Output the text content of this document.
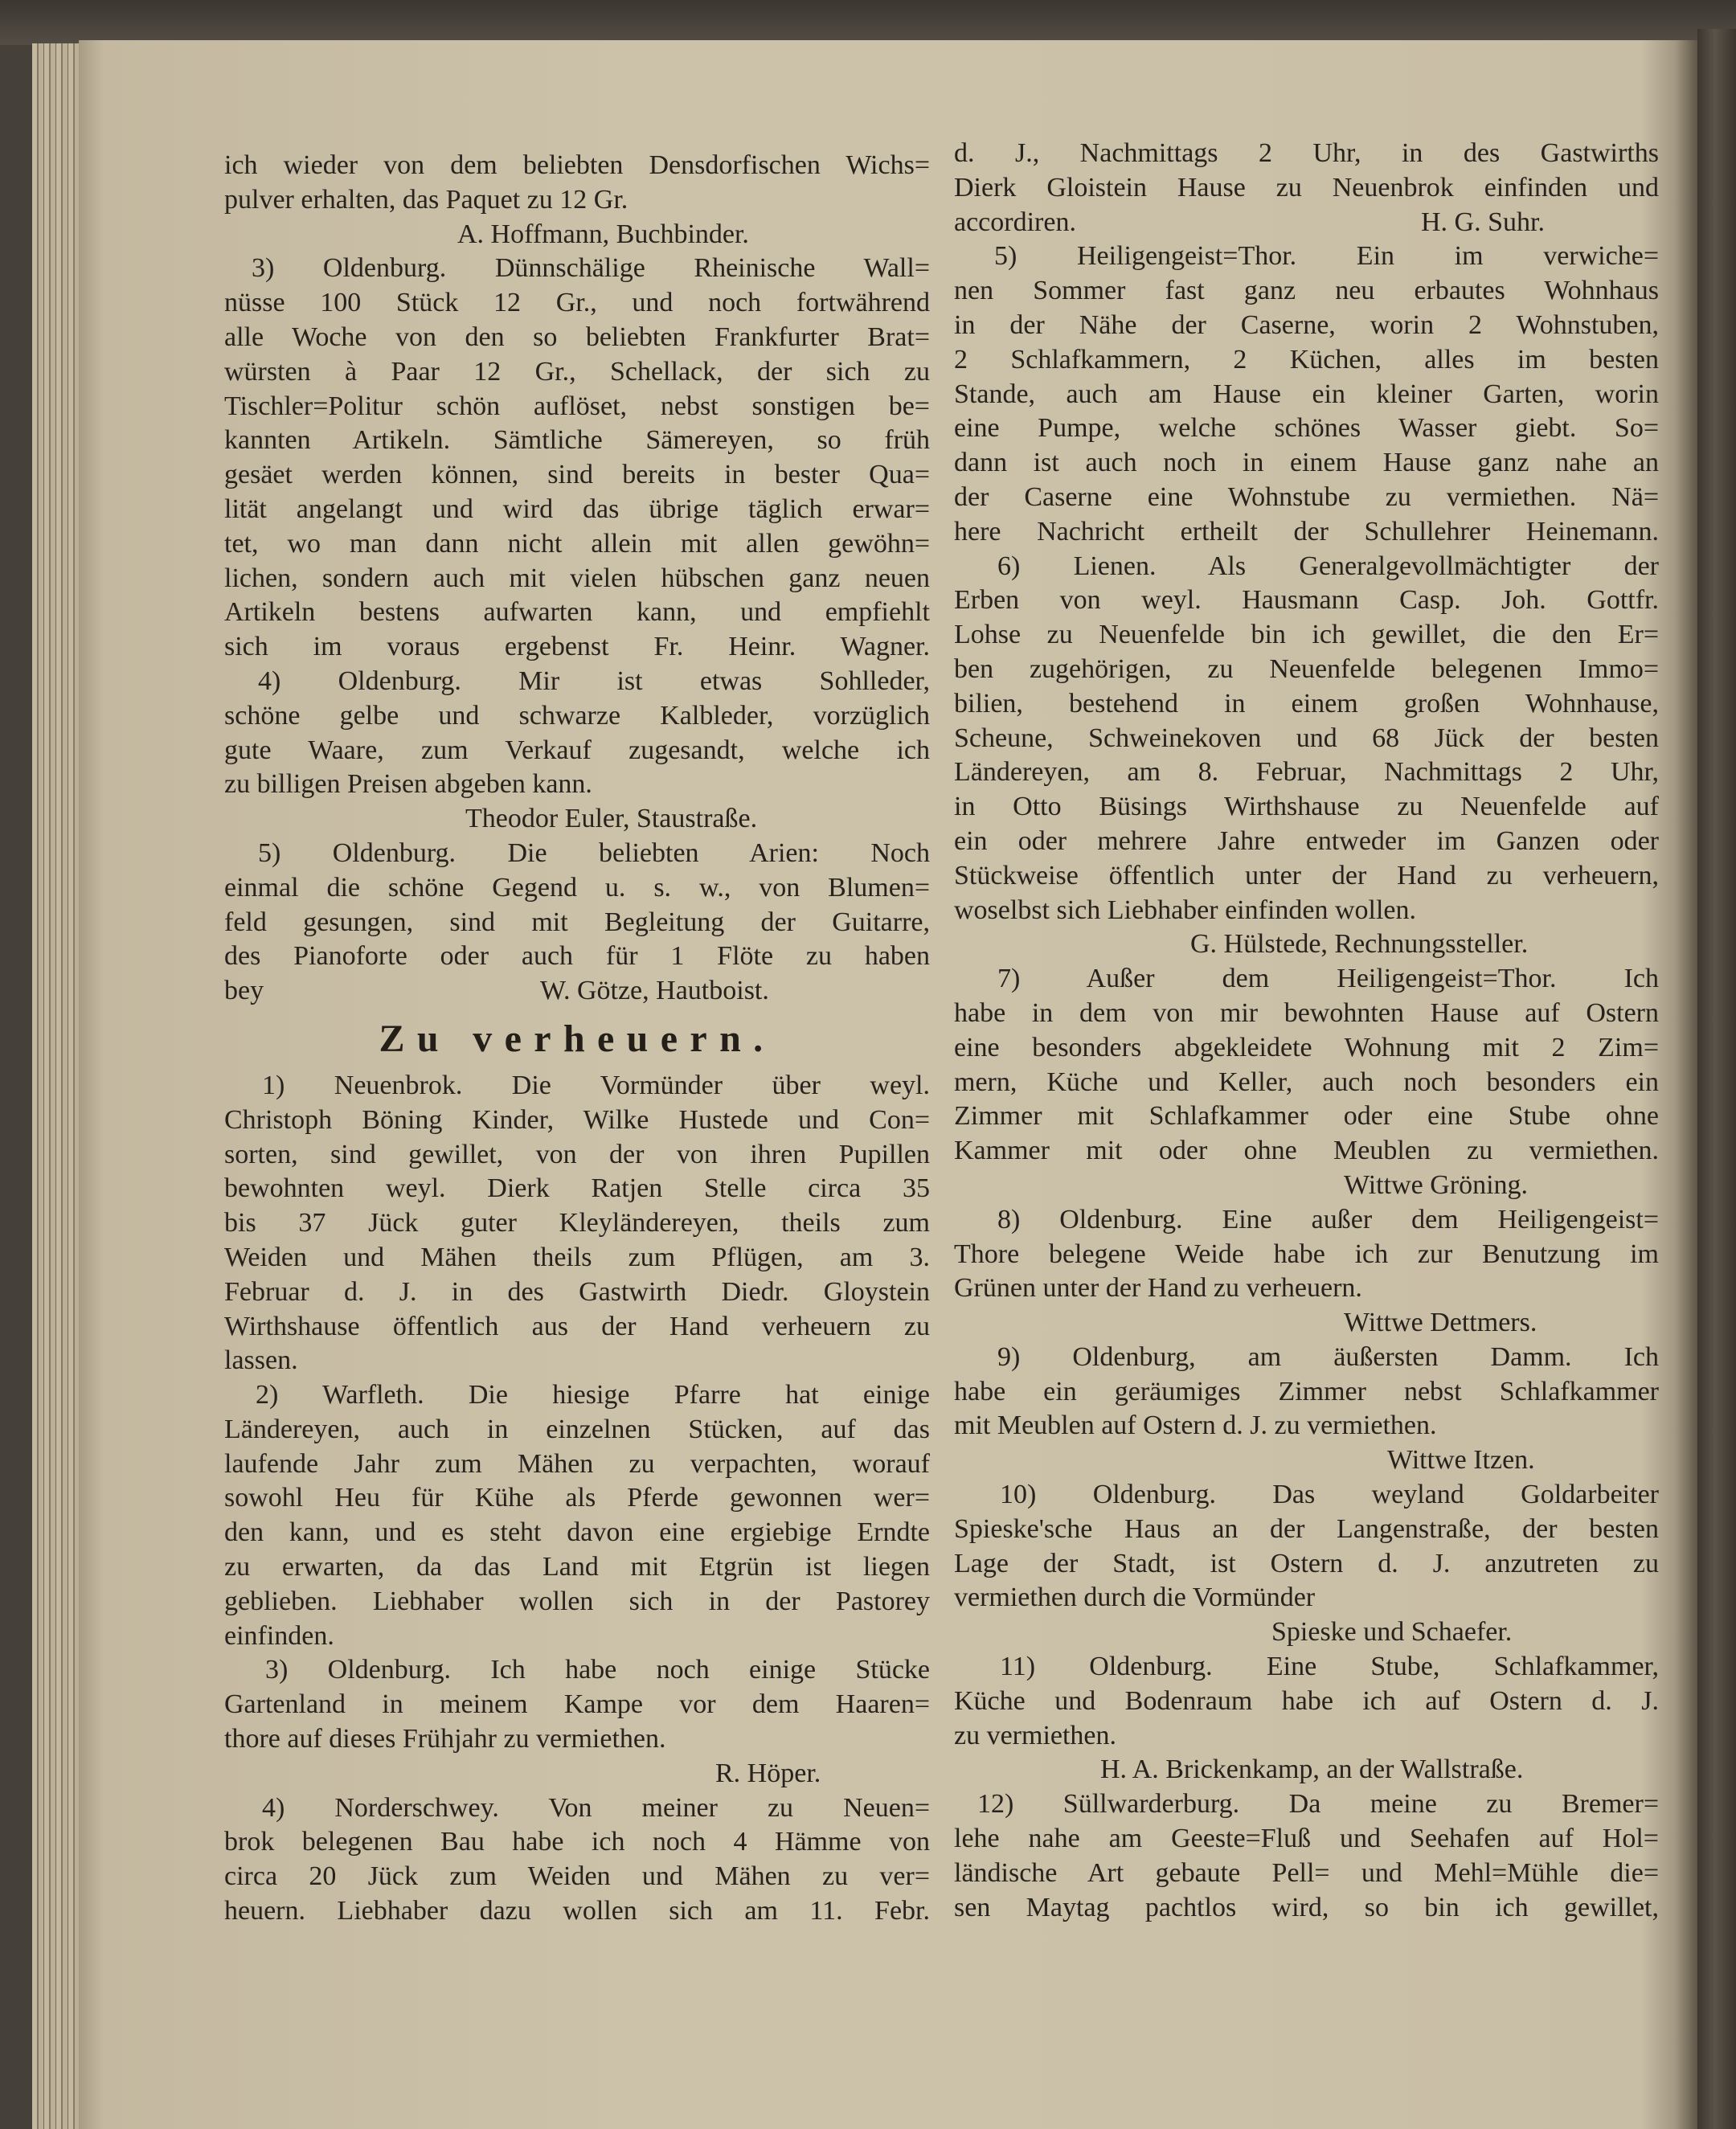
ich wieder von dem beliebten Densdorfischen Wichs=
pulver erhalten, das Paquet zu 12 Gr.
A. Hoffmann, Buchbinder.
3) Oldenburg. Dünnschälige Rheinische Wall=
nüsse 100 Stück 12 Gr., und noch fortwährend
alle Woche von den so beliebten Frankfurter Brat=
würsten à Paar 12 Gr., Schellack, der sich zu
Tischler=Politur schön auflöset, nebst sonstigen be=
kannten Artikeln. Sämtliche Sämereyen, so früh
gesäet werden können, sind bereits in bester Qua=
lität angelangt und wird das übrige täglich erwar=
tet, wo man dann nicht allein mit allen gewöhn=
lichen, sondern auch mit vielen hübschen ganz neuen
Artikeln bestens aufwarten kann, und empfiehlt
sich im voraus ergebenst Fr. Heinr. Wagner.
4) Oldenburg. Mir ist etwas Sohlleder,
schöne gelbe und schwarze Kalbleder, vorzüglich
gute Waare, zum Verkauf zugesandt, welche ich
zu billigen Preisen abgeben kann.
Theodor Euler, Staustraße.
5) Oldenburg. Die beliebten Arien: Noch
einmal die schöne Gegend u. s. w., von Blumen=
feld gesungen, sind mit Begleitung der Guitarre,
des Pianoforte oder auch für 1 Flöte zu haben
bey	W. Götze, Hautboist.
Zu verheuern.
1) Neuenbrok. Die Vormünder über weyl.
Christoph Böning Kinder, Wilke Hustede und Con=
sorten, sind gewillet, von der von ihren Pupillen
bewohnten weyl. Dierk Ratjen Stelle circa 35
bis 37 Jück guter Kleyländereyen, theils zum
Weiden und Mähen theils zum Pflügen, am 3.
Februar d. J. in des Gastwirth Diedr. Gloystein
Wirthshause öffentlich aus der Hand verheuern zu
lassen.
2) Warfleth. Die hiesige Pfarre hat einige
Ländereyen, auch in einzelnen Stücken, auf das
laufende Jahr zum Mähen zu verpachten, worauf
sowohl Heu für Kühe als Pferde gewonnen wer=
den kann, und es steht davon eine ergiebige Erndte
zu erwarten, da das Land mit Etgrün ist liegen
geblieben. Liebhaber wollen sich in der Pastorey
einfinden.
3) Oldenburg. Ich habe noch einige Stücke
Gartenland in meinem Kampe vor dem Haaren=
thore auf dieses Frühjahr zu vermiethen.
R. Höper.
4) Norderschwey. Von meiner zu Neuen=
brok belegenen Bau habe ich noch 4 Hämme von
circa 20 Jück zum Weiden und Mähen zu ver=
heuern. Liebhaber dazu wollen sich am 11. Febr.
d. J., Nachmittags 2 Uhr, in des Gastwirths
Dierk Gloistein Hause zu Neuenbrok einfinden und
accordiren.	H. G. Suhr.
5) Heiligengeist=Thor. Ein im verwiche=
nen Sommer fast ganz neu erbautes Wohnhaus
in der Nähe der Caserne, worin 2 Wohnstuben,
2 Schlafkammern, 2 Küchen, alles im besten
Stande, auch am Hause ein kleiner Garten, worin
eine Pumpe, welche schönes Wasser giebt. So=
dann ist auch noch in einem Hause ganz nahe an
der Caserne eine Wohnstube zu vermiethen. Nä=
here Nachricht ertheilt der Schullehrer Heinemann.
6) Lienen. Als Generalgevollmächtigter der
Erben von weyl. Hausmann Casp. Joh. Gottfr.
Lohse zu Neuenfelde bin ich gewillet, die den Er=
ben zugehörigen, zu Neuenfelde belegenen Immo=
bilien, bestehend in einem großen Wohnhause,
Scheune, Schweinekoven und 68 Jück der besten
Ländereyen, am 8. Februar, Nachmittags 2 Uhr,
in Otto Büsings Wirthshause zu Neuenfelde auf
ein oder mehrere Jahre entweder im Ganzen oder
Stückweise öffentlich unter der Hand zu verheuern,
woselbst sich Liebhaber einfinden wollen.
G. Hülstede, Rechnungssteller.
7) Außer dem Heiligengeist=Thor. Ich
habe in dem von mir bewohnten Hause auf Ostern
eine besonders abgekleidete Wohnung mit 2 Zim=
mern, Küche und Keller, auch noch besonders ein
Zimmer mit Schlafkammer oder eine Stube ohne
Kammer mit oder ohne Meublen zu vermiethen.
Wittwe Gröning.
8) Oldenburg. Eine außer dem Heiligengeist=
Thore belegene Weide habe ich zur Benutzung im
Grünen unter der Hand zu verheuern.
Wittwe Dettmers.
9) Oldenburg, am äußersten Damm. Ich
habe ein geräumiges Zimmer nebst Schlafkammer
mit Meublen auf Ostern d. J. zu vermiethen.
Wittwe Itzen.
10) Oldenburg. Das weyland Goldarbeiter
Spieske'sche Haus an der Langenstraße, der besten
Lage der Stadt, ist Ostern d. J. anzutreten zu
vermiethen durch die Vormünder
Spieske und Schaefer.
11) Oldenburg. Eine Stube, Schlafkammer,
Küche und Bodenraum habe ich auf Ostern d. J.
zu vermiethen.
H. A. Brickenkamp, an der Wallstraße.
12) Süllwarderburg. Da meine zu Bremer=
lehe nahe am Geeste=Fluß und Seehafen auf Hol=
ländische Art gebaute Pell= und Mehl=Mühle die=
sen Maytag pachtlos wird, so bin ich gewillet,
